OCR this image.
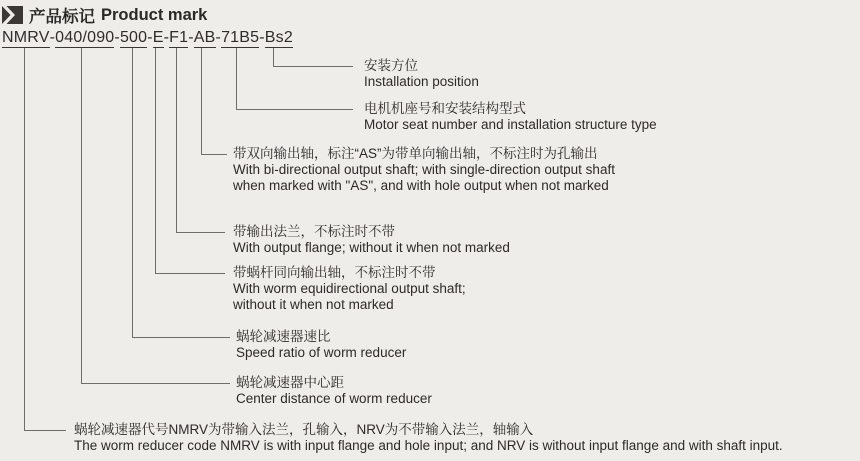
产品标记 Product mark
NMRV - 040/090 - 500 - E - F1 - AB - 71B5 - Bs2
安装方位
Installation position
电机机座号和安装结构型式
Motor seat number and installation structure type
带双向输出轴，标注“AS”为带单向输出轴，不标注时为孔输出
With bi-directional output shaft; with single-direction output shaft
when marked with "AS", and with hole output when not marked
带输出法兰，不标注时不带
With output flange; without it when not marked
带蜗杆同向输出轴，不标注时不带
With worm equidirectional output shaft;
without it when not marked
蜗轮减速器速比
Speed ratio of worm reducer
蜗轮减速器中心距
Center distance of worm reducer
蜗轮减速器代号NMRV为带输入法兰，孔输入，NRV为不带输入法兰，轴输入
The worm reducer code NMRV is with input flange and hole input; and NRV is without input flange and with shaft input.
